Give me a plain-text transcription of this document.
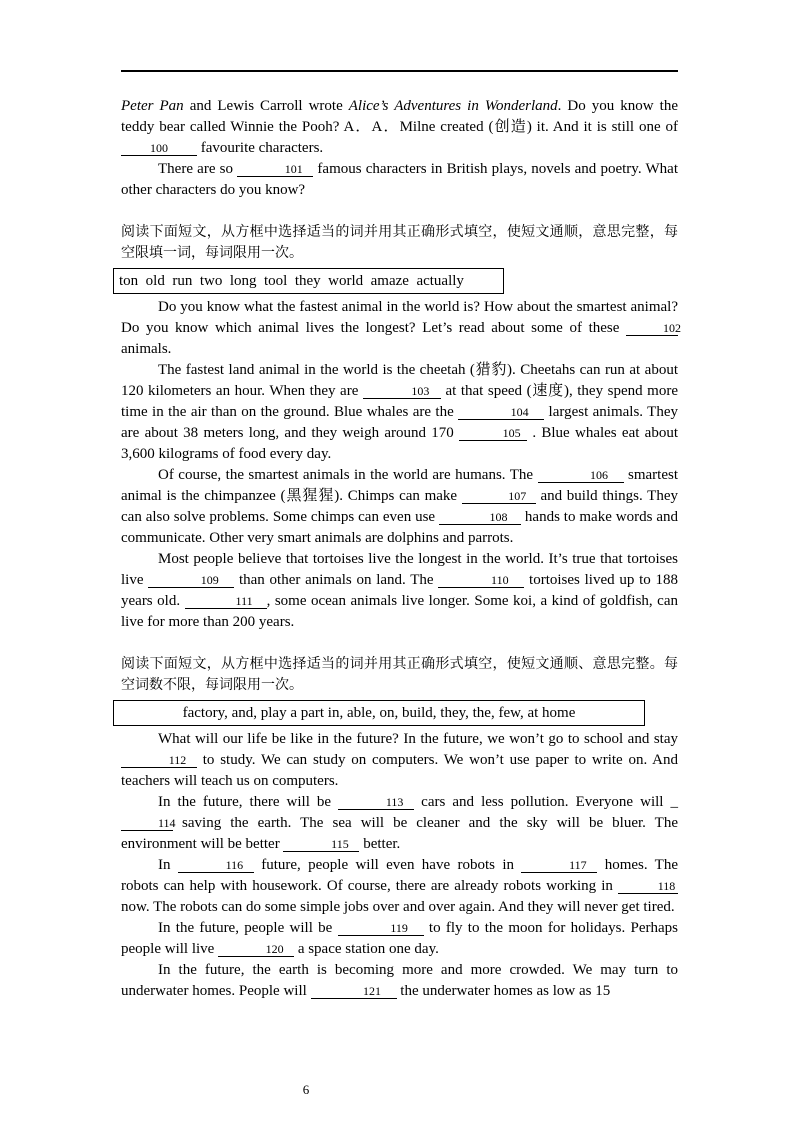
Peter Pan and Lewis Carroll wrote Alice’s Adventures in Wonderland. Do you know the teddy bear called Winnie the Pooh? A．A．Milne created (创造) it. And it is still one of 100 favourite characters.

There are so	101 famous characters in British plays, novels and poetry. What other characters do you know?

阅读下面短文，从方框中选择适当的词并用其正确形式填空，使短文通顺，意思完整，每空限填一词，每词限用一次。

ton  old  run  two  long  tool  they  world  amaze  actually

Do you know what the fastest animal in the world is? How about the smartest animal? Do you know which animal lives the longest? Let’s read about some of these	102 animals.

The fastest land animal in the world is the cheetah (猎豹). Cheetahs can run at about 120 kilometers an hour. When they are	103 at that speed (速度), they spend more time in the air than on the ground. Blue whales are the	104 largest animals. They are about 38 meters long, and they weigh around 170	105 . Blue whales eat about 3,600 kilograms of food every day.

Of course, the smartest animals in the world are humans. The	106 smartest animal is the chimpanzee (黑猩猩). Chimps can make	107 and build things. They can also solve problems. Some chimps can even use	108 hands to make words and communicate. Other very smart animals are dolphins and parrots.

Most people believe that tortoises live the longest in the world. It’s true that tortoises live	109 than other animals on land. The	110 tortoises lived up to 188 years old.	111 , some ocean animals live longer. Some koi, a kind of goldfish, can live for more than 200 years.

阅读下面短文，从方框中选择适当的词并用其正确形式填空，使短文通顺、意思完整。每空词数不限，每词限用一次。

factory, and, play a part in, able, on, build, they, the, few, at home

What will our life be like in the future? In the future, we won’t go to school and stay 112 to study. We can study on computers. We won’t use paper to write on. And teachers will teach us on computers.

In the future, there will be	113 cars and less pollution. Everyone will _114 saving the earth. The sea will be cleaner and the sky will be bluer. The environment will be better	115 better.

In	116 future, people will even have robots in	117 homes. The robots can help with housework. Of course, there are already robots working in	118 now. The robots can do some simple jobs over and over again. And they will never get tired.

In the future, people will be	119 to fly to the moon for holidays. Perhaps people will live	120 a space station one day.

In the future, the earth is becoming more and more crowded. We may turn to underwater homes. People will	121 the underwater homes as low as 15

6
